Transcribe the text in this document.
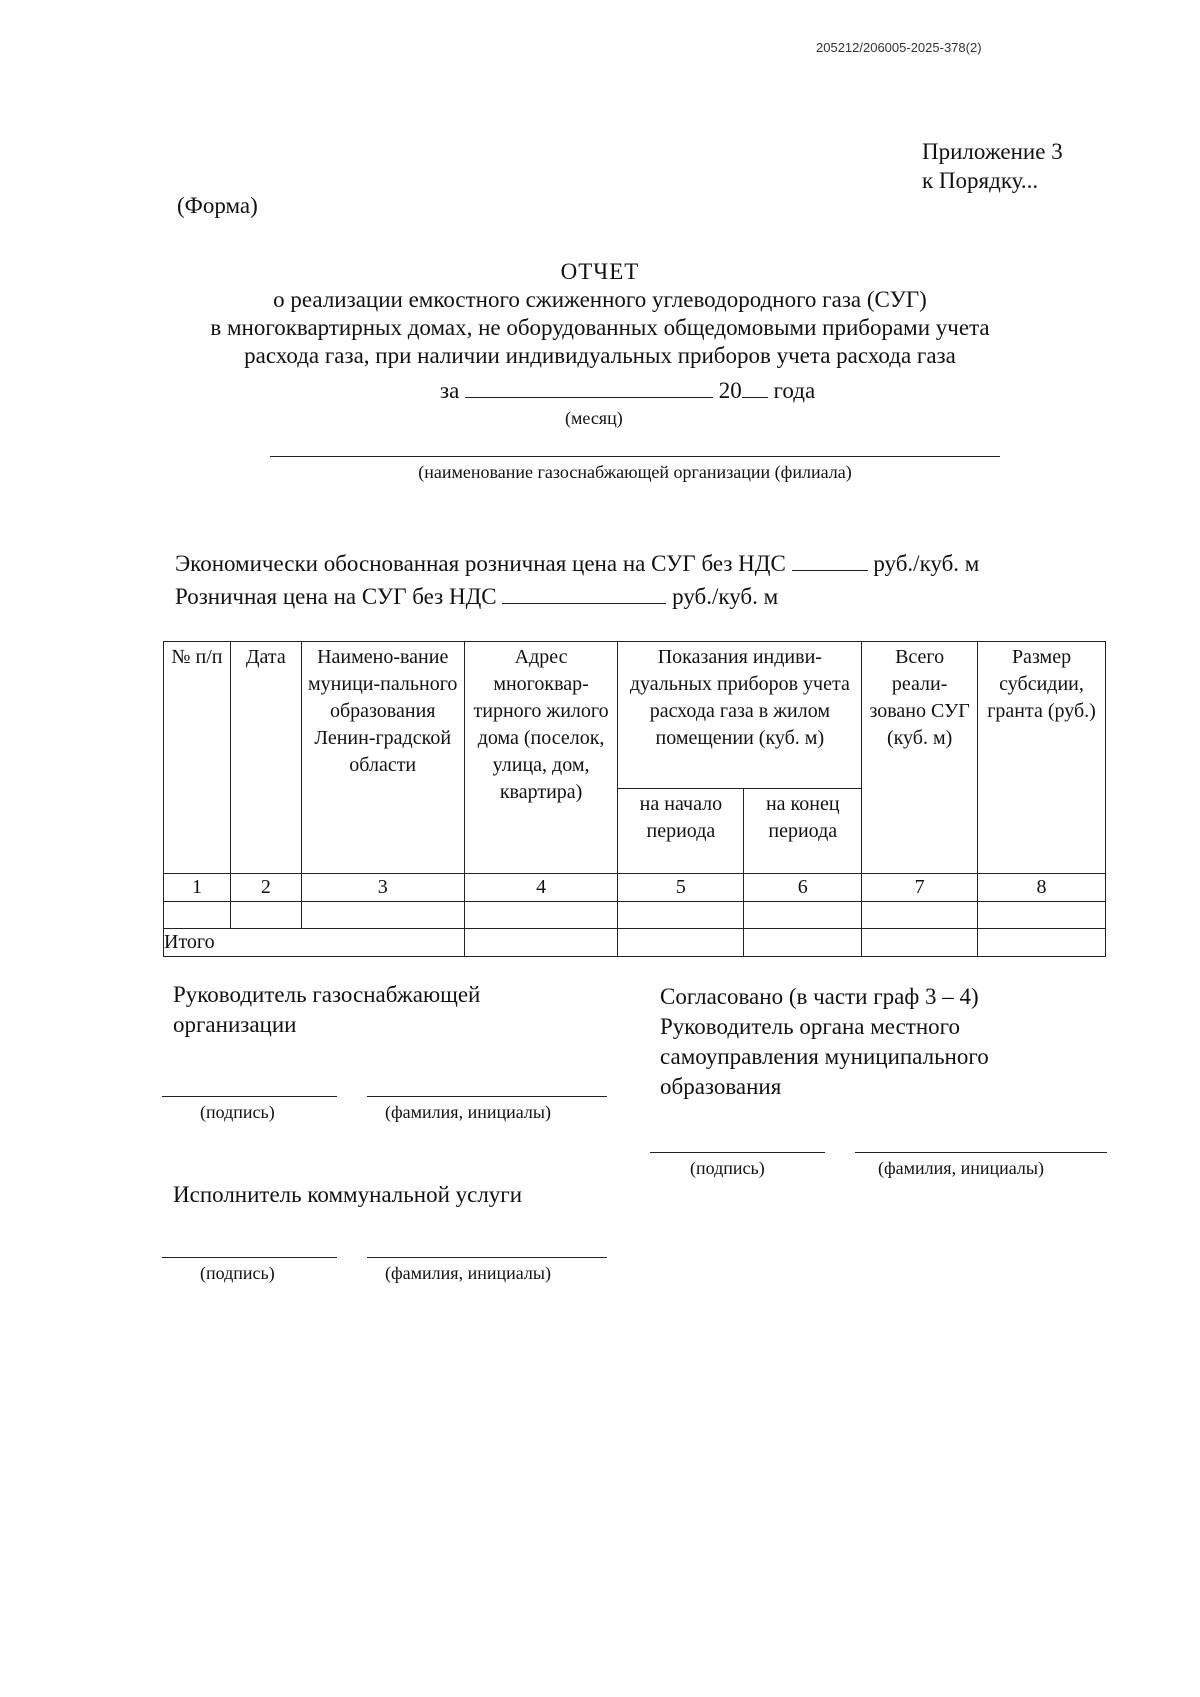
205212/206005-2025-378(2)
Приложение 3
к Порядку...
(Форма)
ОТЧЕТ
о реализации емкостного сжиженного углеводородного газа (СУГ)
в многоквартирных домах, не оборудованных общедомовыми приборами учета
расхода газа, при наличии индивидуальных приборов учета расхода газа
за	20 года
(месяц)
(наименование газоснабжающей организации (филиала)
Экономически обоснованная розничная цена на СУГ без НДС	руб./куб. м
Розничная цена на СУГ без НДС	руб./куб. м
№ п/п	Дата	Наимено-вание муници-пального образования Ленин-градской области	Адрес многоквар-тирного жилого дома (поселок, улица, дом, квартира)	Показания индиви-дуальных приборов учета расхода газа в жилом помещении (куб. м)		Всего реали-зовано СУГ (куб. м)	Размер субсидии, гранта (руб.)
				на начало периода	на конец периода		
1	2	3	4	5	6	7	8

Итого							
Руководитель газоснабжающей
организации
(подпись)	(фамилия, инициалы)
Согласовано (в части граф 3 – 4)
Руководитель органа местного
самоуправления муниципального
образования
(подпись)	(фамилия, инициалы)
Исполнитель коммунальной услуги
(подпись)	(фамилия, инициалы)
